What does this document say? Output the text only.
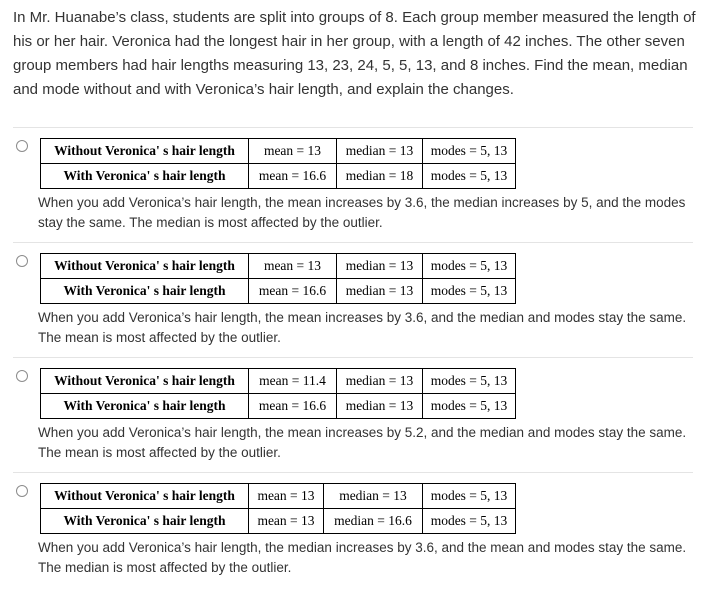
In Mr. Huanabe’s class, students are split into groups of 8. Each group member measured the length of his or her hair. Veronica had the longest hair in her group, with a length of 42 inches. The other seven group members had hair lengths measuring 13, 23, 24, 5, 5, 13, and 8 inches. Find the mean, median and mode without and with Veronica’s hair length, and explain the changes.
Without Veronica' s hair length	mean = 13	median = 13	modes = 5, 13
With Veronica' s hair length	mean = 16.6	median = 18	modes = 5, 13
When you add Veronica’s hair length, the mean increases by 3.6, the median increases by 5, and the modes stay the same. The median is most affected by the outlier.
Without Veronica' s hair length	mean = 13	median = 13	modes = 5, 13
With Veronica' s hair length	mean = 16.6	median = 13	modes = 5, 13
When you add Veronica’s hair length, the mean increases by 3.6, and the median and modes stay the same. The mean is most affected by the outlier.
Without Veronica' s hair length	mean = 11.4	median = 13	modes = 5, 13
With Veronica' s hair length	mean = 16.6	median = 13	modes = 5, 13
When you add Veronica’s hair length, the mean increases by 5.2, and the median and modes stay the same. The mean is most affected by the outlier.
Without Veronica' s hair length	mean = 13	median = 13	modes = 5, 13
With Veronica' s hair length	mean = 13	median = 16.6	modes = 5, 13
When you add Veronica’s hair length, the median increases by 3.6, and the mean and modes stay the same. The median is most affected by the outlier.
